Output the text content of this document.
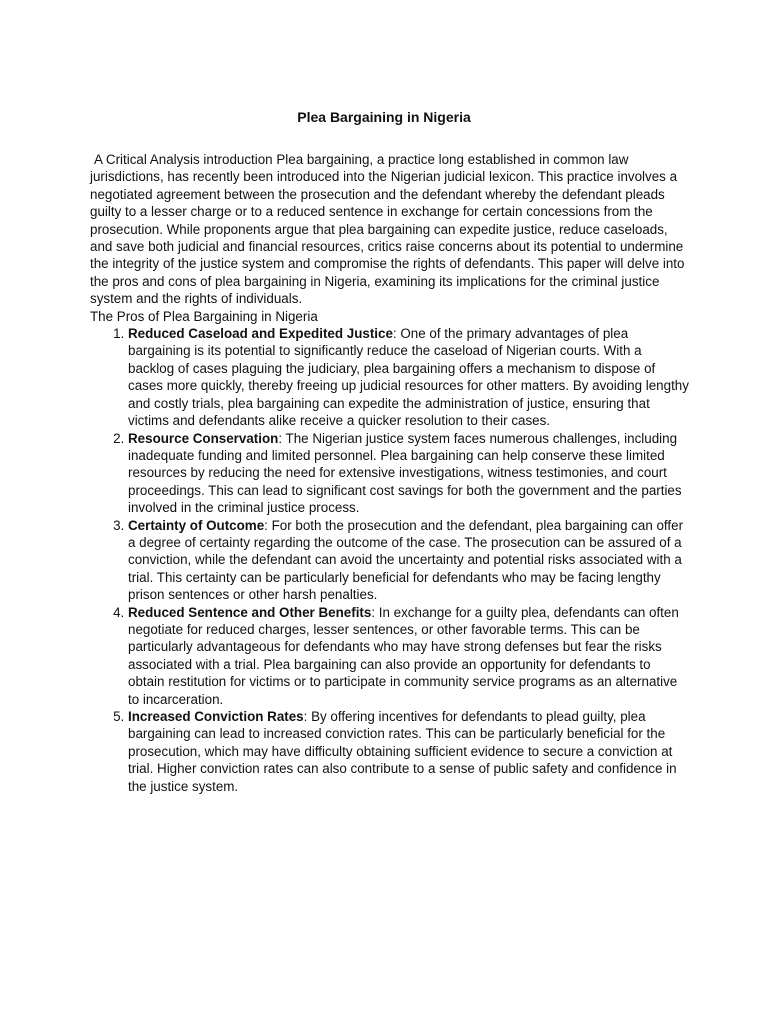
Plea Bargaining in Nigeria

A Critical Analysis introduction Plea bargaining, a practice long established in common law jurisdictions, has recently been introduced into the Nigerian judicial lexicon. This practice involves a negotiated agreement between the prosecution and the defendant whereby the defendant pleads guilty to a lesser charge or to a reduced sentence in exchange for certain concessions from the prosecution. While proponents argue that plea bargaining can expedite justice, reduce caseloads, and save both judicial and financial resources, critics raise concerns about its potential to undermine the integrity of the justice system and compromise the rights of defendants. This paper will delve into the pros and cons of plea bargaining in Nigeria, examining its implications for the criminal justice system and the rights of individuals.

The Pros of Plea Bargaining in Nigeria

1. Reduced Caseload and Expedited Justice: One of the primary advantages of plea bargaining is its potential to significantly reduce the caseload of Nigerian courts. With a backlog of cases plaguing the judiciary, plea bargaining offers a mechanism to dispose of cases more quickly, thereby freeing up judicial resources for other matters. By avoiding lengthy and costly trials, plea bargaining can expedite the administration of justice, ensuring that victims and defendants alike receive a quicker resolution to their cases.
2. Resource Conservation: The Nigerian justice system faces numerous challenges, including inadequate funding and limited personnel. Plea bargaining can help conserve these limited resources by reducing the need for extensive investigations, witness testimonies, and court proceedings. This can lead to significant cost savings for both the government and the parties involved in the criminal justice process.
3. Certainty of Outcome: For both the prosecution and the defendant, plea bargaining can offer a degree of certainty regarding the outcome of the case. The prosecution can be assured of a conviction, while the defendant can avoid the uncertainty and potential risks associated with a trial. This certainty can be particularly beneficial for defendants who may be facing lengthy prison sentences or other harsh penalties.
4. Reduced Sentence and Other Benefits: In exchange for a guilty plea, defendants can often negotiate for reduced charges, lesser sentences, or other favorable terms. This can be particularly advantageous for defendants who may have strong defenses but fear the risks associated with a trial. Plea bargaining can also provide an opportunity for defendants to obtain restitution for victims or to participate in community service programs as an alternative to incarceration.
5. Increased Conviction Rates: By offering incentives for defendants to plead guilty, plea bargaining can lead to increased conviction rates. This can be particularly beneficial for the prosecution, which may have difficulty obtaining sufficient evidence to secure a conviction at trial. Higher conviction rates can also contribute to a sense of public safety and confidence in the justice system.
